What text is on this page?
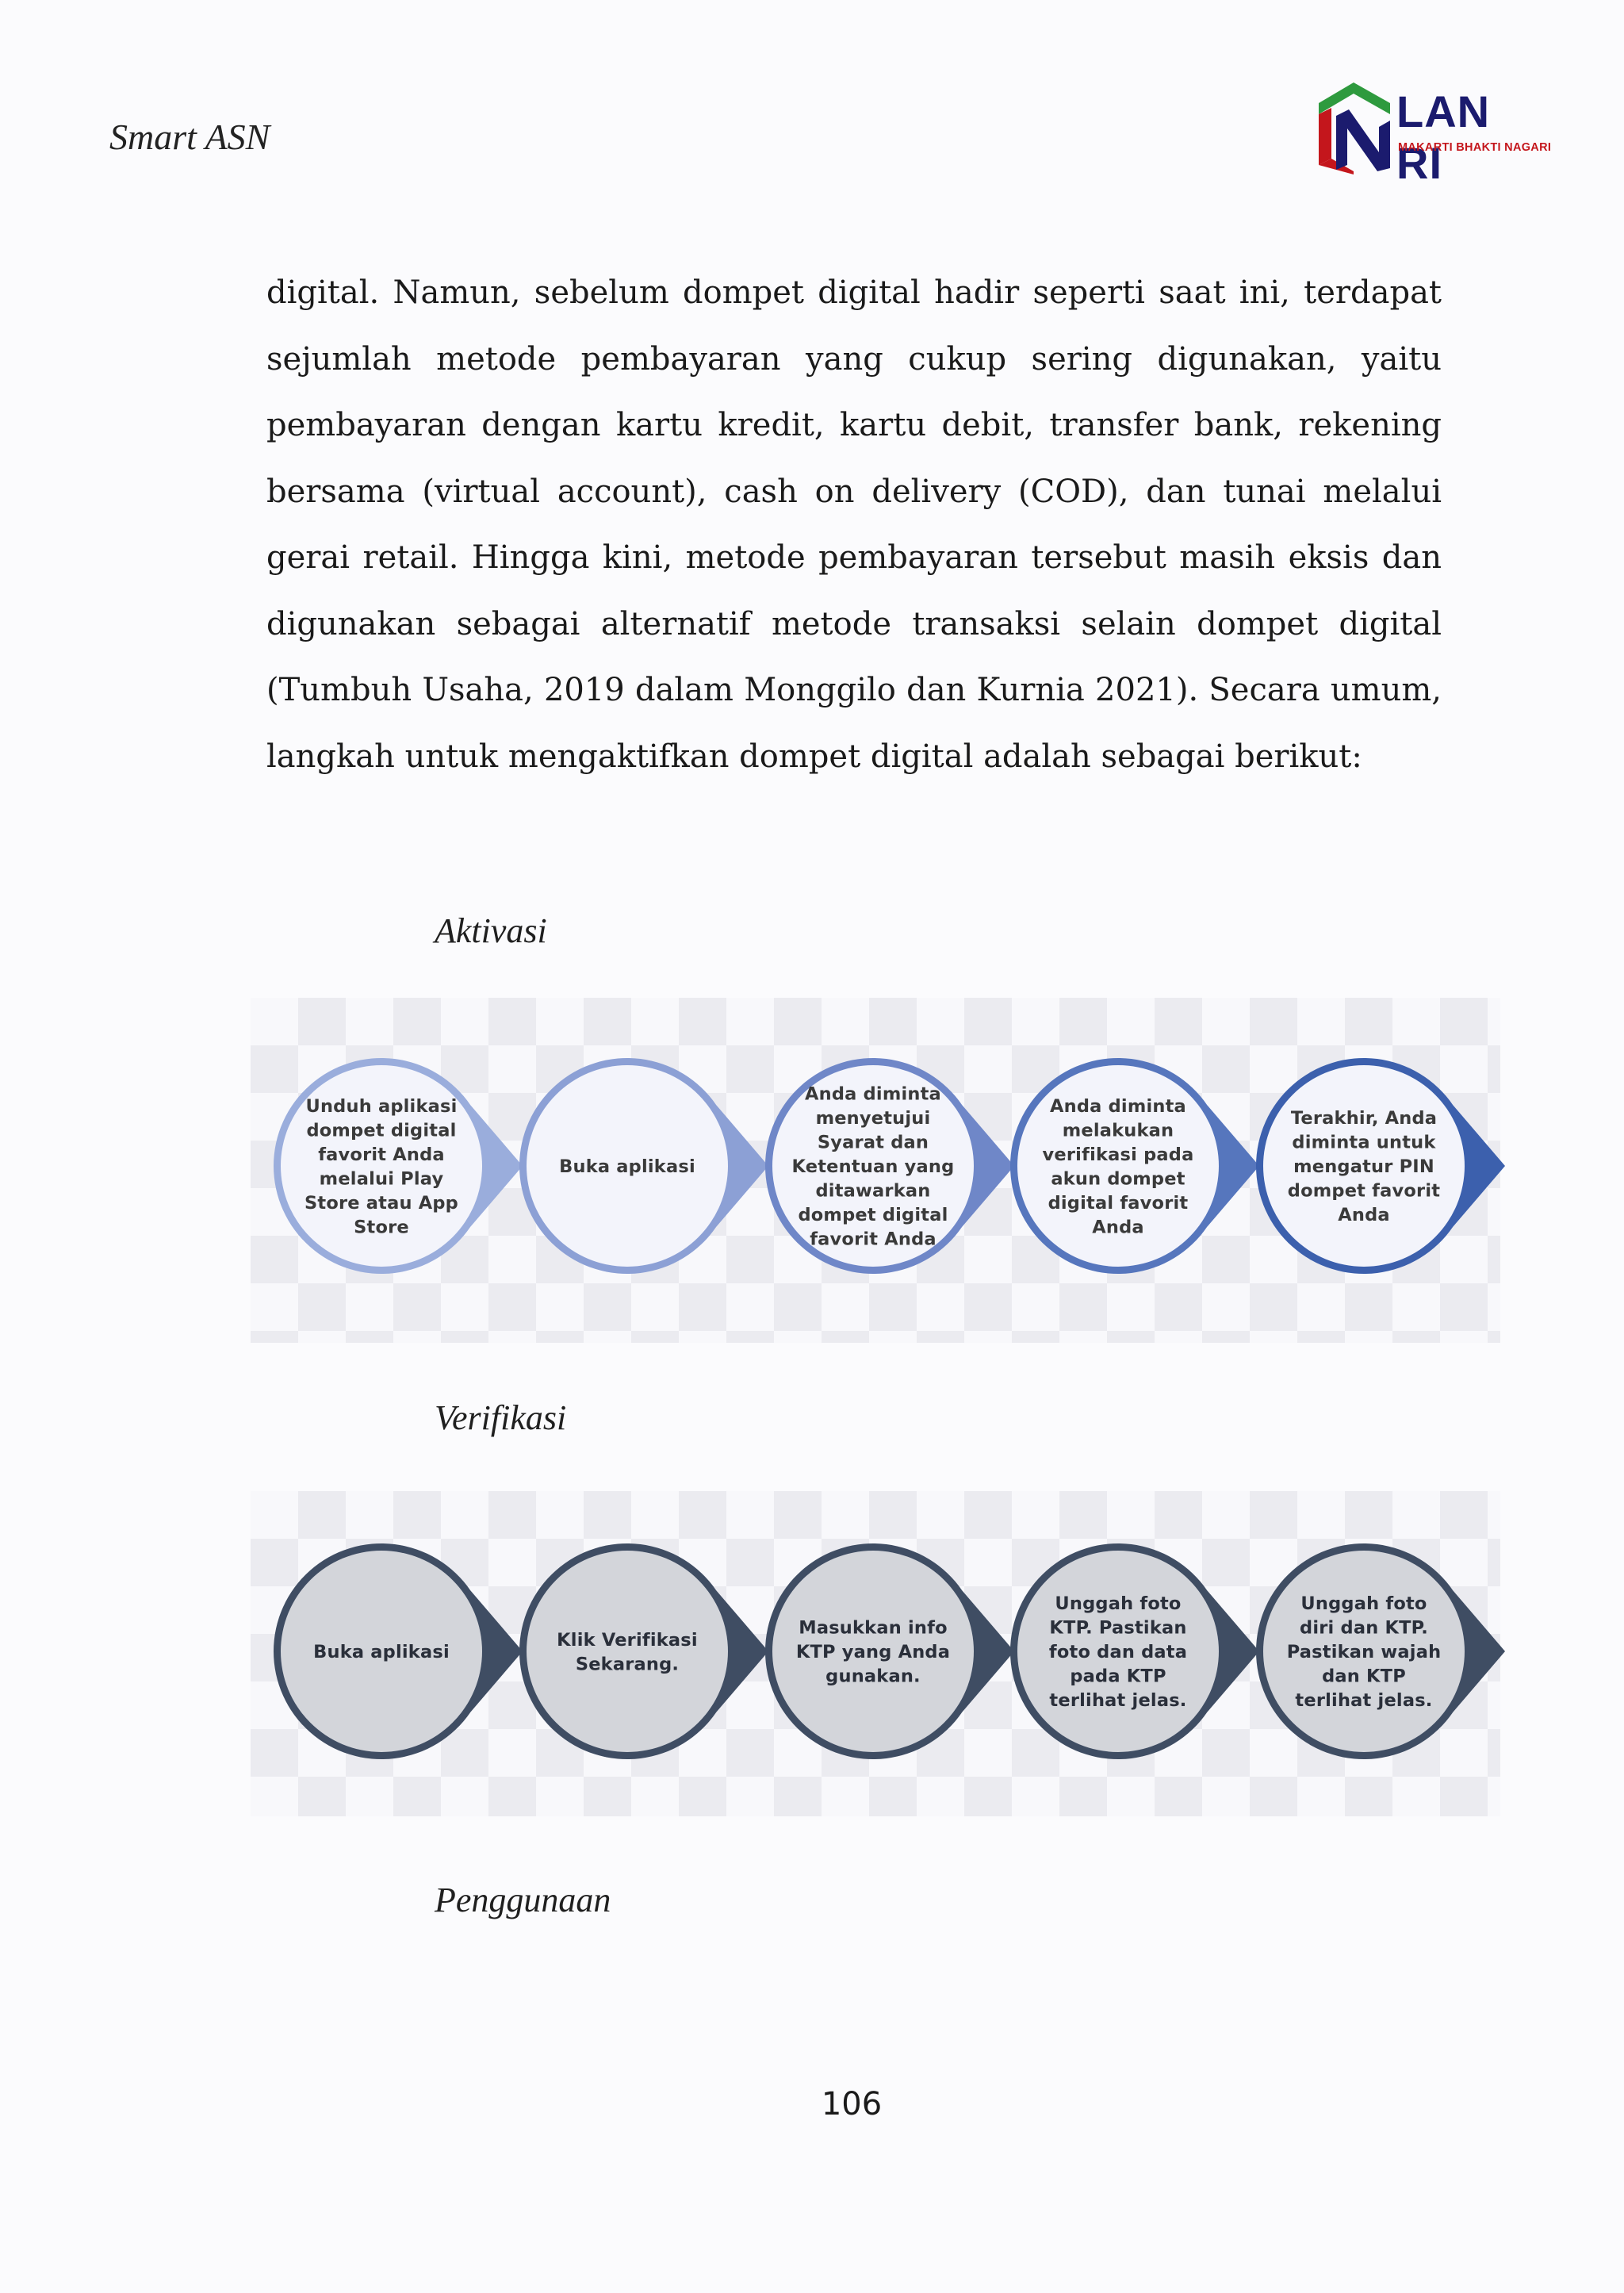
Smart ASN
LAN RI
MAKARTI BHAKTI NAGARI

digital. Namun, sebelum dompet digital hadir seperti saat ini, terdapat sejumlah metode pembayaran yang cukup sering digunakan, yaitu pembayaran dengan kartu kredit, kartu debit, transfer bank, rekening bersama (virtual account), cash on delivery (COD), dan tunai melalui gerai retail. Hingga kini, metode pembayaran tersebut masih eksis dan digunakan sebagai alternatif metode transaksi selain dompet digital (Tumbuh Usaha, 2019 dalam Monggilo dan Kurnia 2021). Secara umum, langkah untuk mengaktifkan dompet digital adalah sebagai berikut:

Aktivasi
Unduh aplikasi dompet digital favorit Anda melalui Play Store atau App Store
Buka aplikasi
Anda diminta menyetujui Syarat dan Ketentuan yang ditawarkan dompet digital favorit Anda
Anda diminta melakukan verifikasi pada akun dompet digital favorit Anda
Terakhir, Anda diminta untuk mengatur PIN dompet favorit Anda
Verifikasi
Buka aplikasi
Klik Verifikasi Sekarang.
Masukkan info KTP yang Anda gunakan.
Unggah foto KTP. Pastikan foto dan data pada KTP terlihat jelas.
Unggah foto diri dan KTP. Pastikan wajah dan KTP terlihat jelas.
Penggunaan
106
